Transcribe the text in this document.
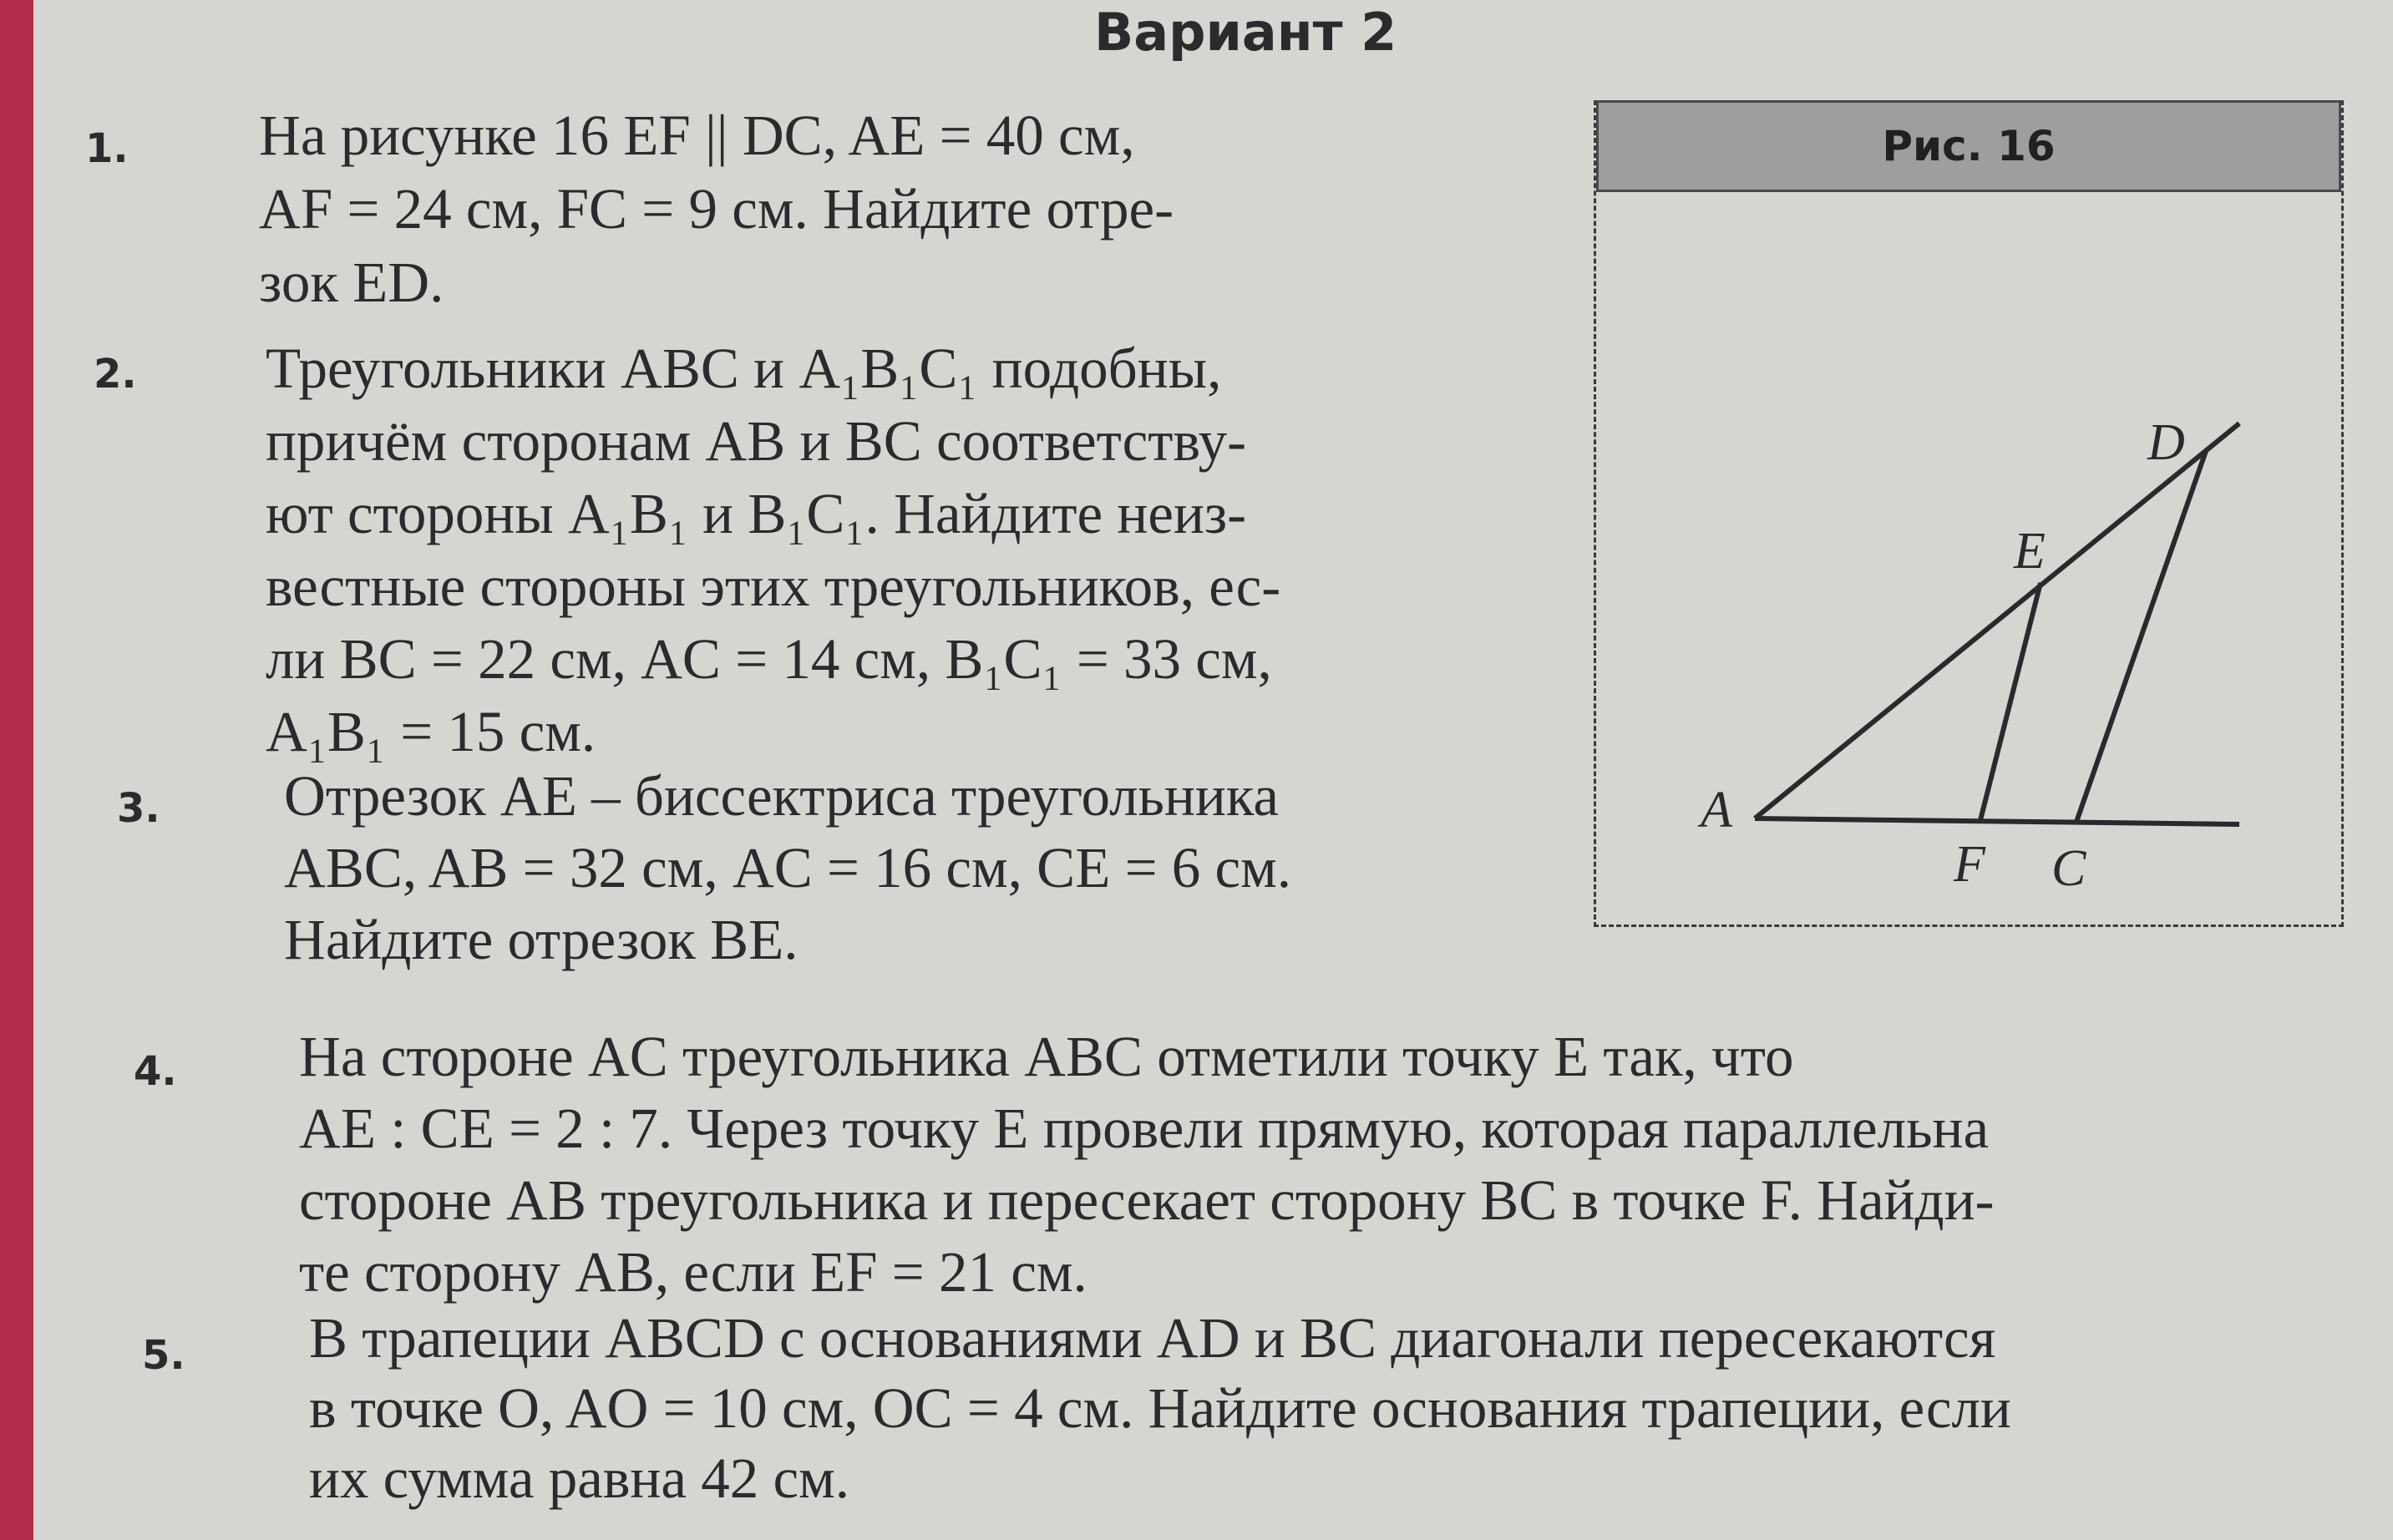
Вариант 2
1. На рисунке 16 EF || DC, AE = 40 см,
AF = 24 см, FC = 9 см. Найдите отре-
зок ED.
2. Треугольники ABC и A₁B₁C₁ подобны,
причём сторонам AB и BC соответству-
ют стороны A₁B₁ и B₁C₁. Найдите неиз-
вестные стороны этих треугольников, ес-
ли BC = 22 см, AC = 14 см, B₁C₁ = 33 см,
A₁B₁ = 15 см.
3. Отрезок AE – биссектриса треугольника
ABC, AB = 32 см, AC = 16 см, CE = 6 см.
Найдите отрезок BE.
4. На стороне AC треугольника ABC отметили точку E так, что
AE : CE = 2 : 7. Через точку E провели прямую, которая параллельна
стороне AB треугольника и пересекает сторону BC в точке F. Найди-
те сторону AB, если EF = 21 см.
5. В трапеции ABCD с основаниями AD и BC диагонали пересекаются
в точке O, AO = 10 см, OC = 4 см. Найдите основания трапеции, если
их сумма равна 42 см.
Рис. 16
A
D
E
F C
